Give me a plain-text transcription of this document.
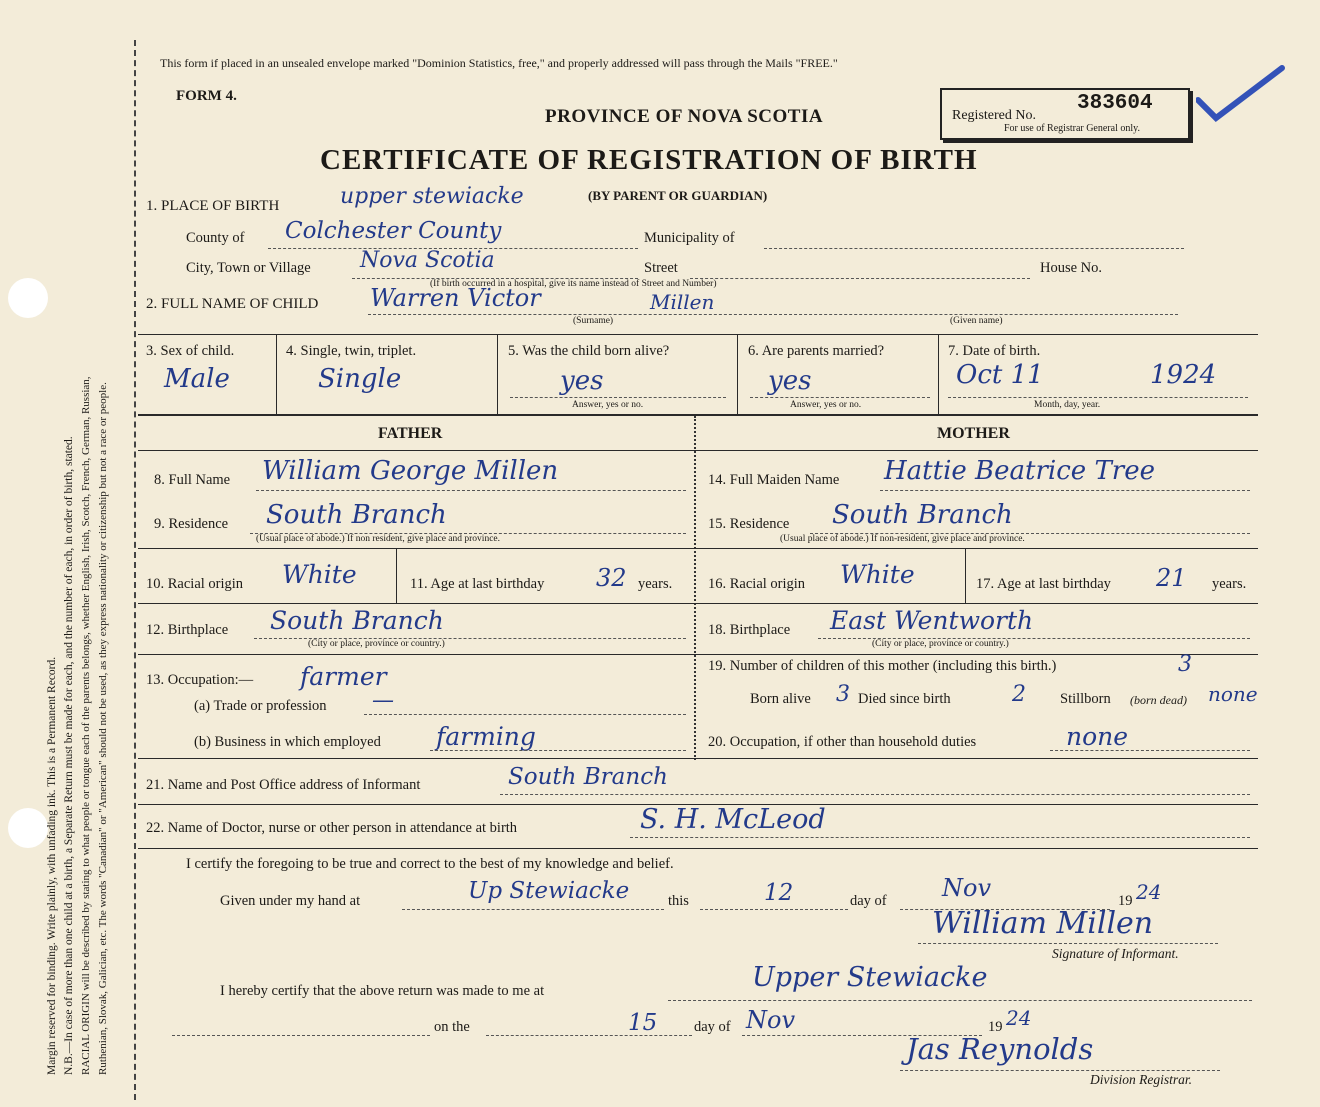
Margin reserved for binding. Write plainly, with unfading ink. This is a Permanent Record. N.B.—In case of more than one child at a birth, a Separate Return must be made for each, and the number of each, in order of birth, stated. RACIAL ORIGIN will be described by stating to what people or tongue each of the parents belongs, whether English, Irish, Scotch, French, German, Russian, Ruthenian, Slovak, Galician, etc. The words "Canadian" or "American" should not be used, as they express nationality or citizenship but not a race or people.
This form if placed in an unsealed envelope marked "Dominion Statistics, free," and properly addressed will pass through the Mails "FREE."
FORM 4.
PROVINCE OF NOVA SCOTIA
CERTIFICATE OF REGISTRATION OF BIRTH
Registered No.
383604
For use of Registrar General only.
1. PLACE OF BIRTH	upper stewiacke	(BY PARENT OR GUARDIAN)
County of Colchester County	Municipality of
City, Town or Village Nova Scotia	Street	House No.
(If birth occurred in a hospital, give its name instead of Street and Number)
2. FULL NAME OF CHILD Warren Victor	Millen
(Surname)	(Given name)
3. Sex of child.
Male
4. Single, twin, triplet.
Single
5. Was the child born alive?
yes
Answer, yes or no.
6. Are parents married?
yes
Answer, yes or no.
7. Date of birth.
Oct 11	1924
Month, day, year.
FATHER	MOTHER
8. Full Name William George Millen
9. Residence South Branch
(Usual place of abode.) If non resident, give place and province.
10. Racial origin White	11. Age at last birthday 32 years.
12. Birthplace South Branch
(City or place, province or country.)
13. Occupation:— farmer
(a) Trade or profession —
(b) Business in which employed farming
14. Full Maiden Name Hattie Beatrice Tree
15. Residence South Branch
(Usual place of abode.) If non-resident, give place and province.
16. Racial origin White	17. Age at last birthday 21 years.
18. Birthplace East Wentworth
(City or place, province or country.)
19. Number of children of this mother (including this birth.)	3
Born alive 3 Died since birth	2 Stillborn (born dead) none
20. Occupation, if other than household duties	none
21. Name and Post Office address of Informant	South Branch
22. Name of Doctor, nurse or other person in attendance at birth	S. H. McLeod
I certify the foregoing to be true and correct to the best of my knowledge and belief.
Given under my hand at	Up Stewiacke	this	12	day of Nov	19 24
William Millen
Signature of Informant.
I hereby certify that the above return was made to me at	Upper Stewiacke
on the	15	day of Nov	19 24
Jas Reynolds
Division Registrar.
